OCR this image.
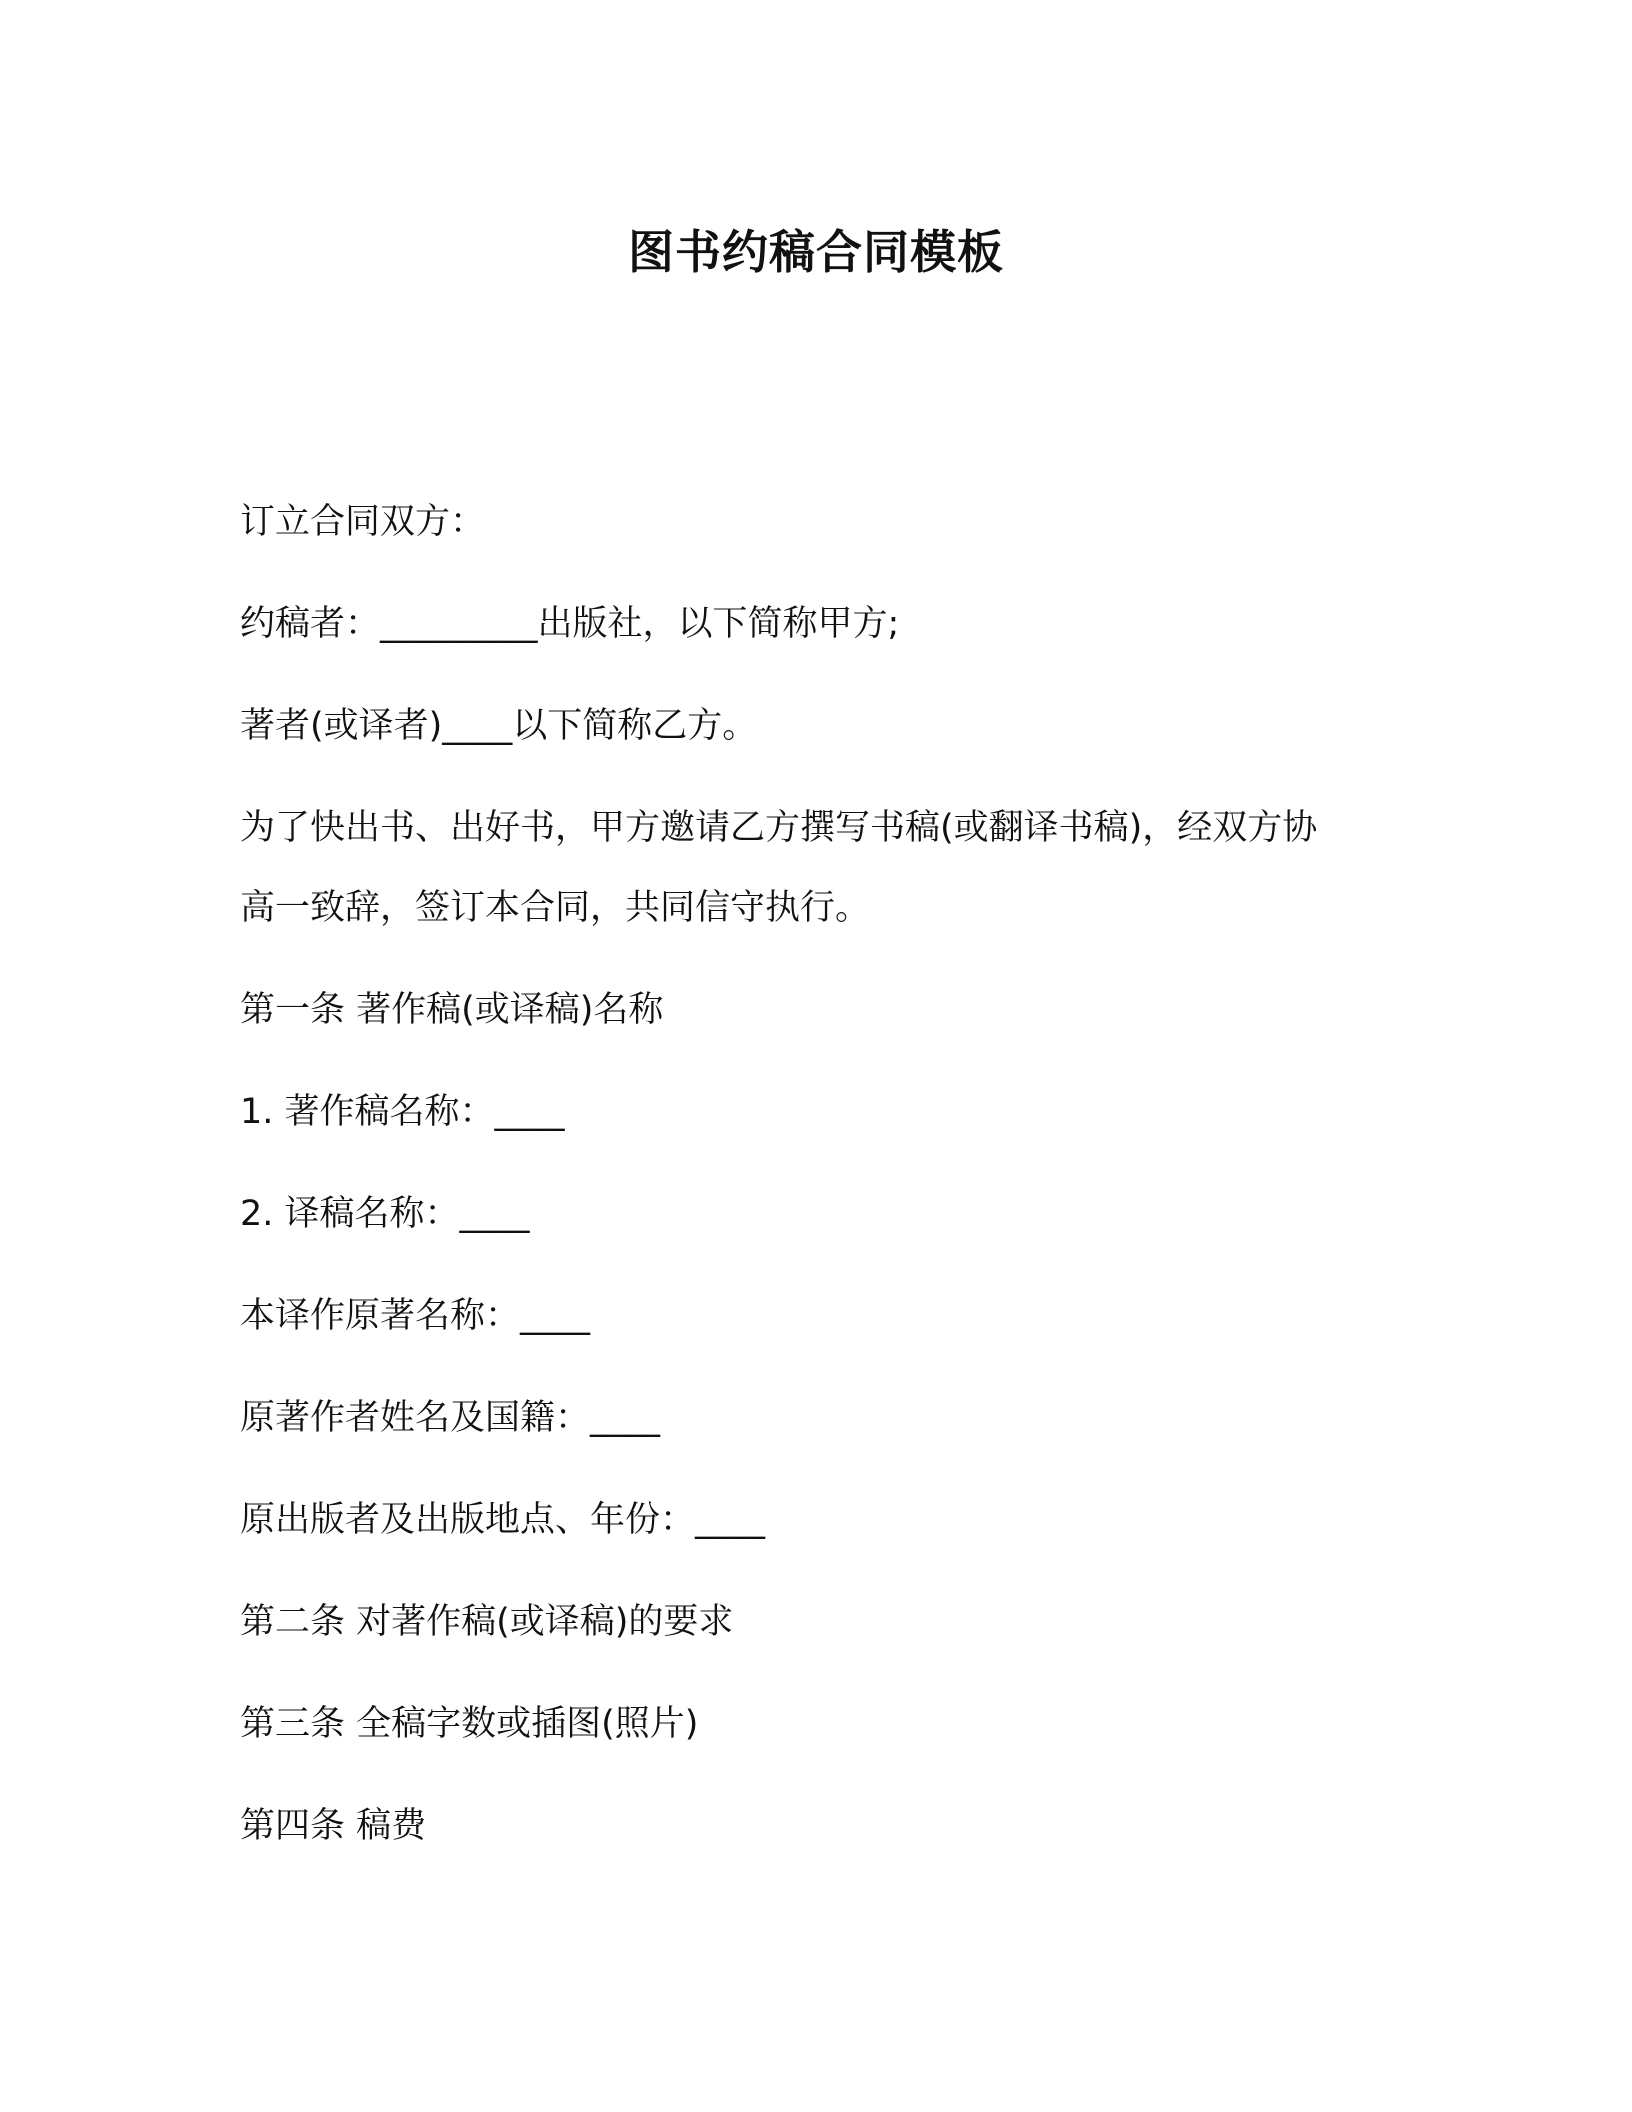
图书约稿合同模板

订立合同双方：

约稿者：_________出版社，以下简称甲方;

著者(或译者)____以下简称乙方。

为了快出书、出好书，甲方邀请乙方撰写书稿(或翻译书稿)，经双方协

高一致辞，签订本合同，共同信守执行。

第一条 著作稿(或译稿)名称

1. 著作稿名称：____

2. 译稿名称：____

本译作原著名称：____

原著作者姓名及国籍：____

原出版者及出版地点、年份：____

第二条 对著作稿(或译稿)的要求

第三条 全稿字数或插图(照片)

第四条 稿费
